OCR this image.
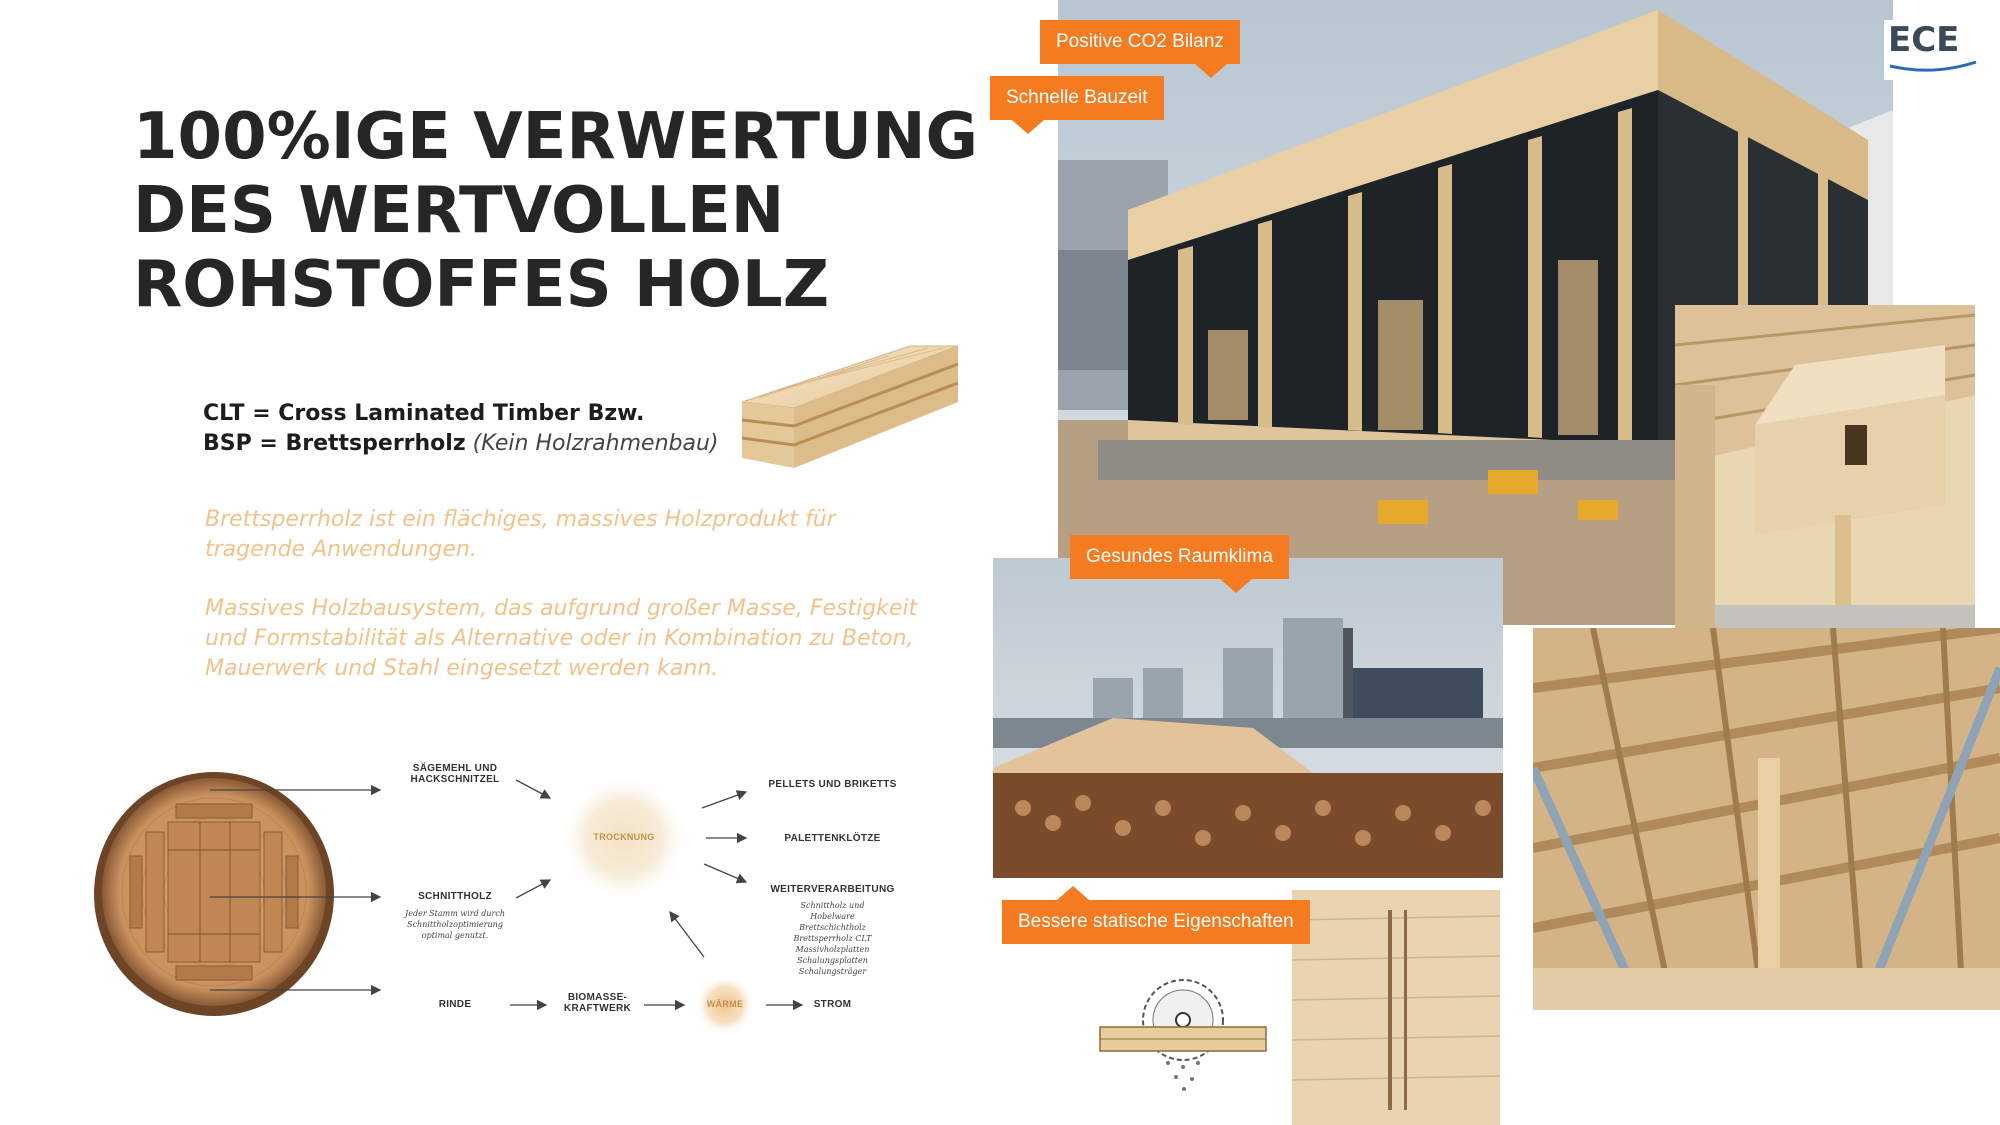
100%IGE VERWERTUNG
DES WERTVOLLEN
ROHSTOFFES HOLZ
CLT = Cross Laminated Timber Bzw.
BSP = Brettsperrholz (Kein Holzrahmenbau)
Brettsperrholz ist ein flächiges, massives Holzprodukt für tragende Anwendungen.
Massives Holzbausystem, das aufgrund großer Masse, Festigkeit und Formstabilität als Alternative oder in Kombination zu Beton, Mauerwerk und Stahl eingesetzt werden kann.
SÄGEMEHL UND HACKSCHNITZEL
SCHNITTHOLZ
Jeder Stamm wird durch Schnittholzoptimierung optimal genutzt.
RINDE
TROCKNUNG
BIOMASSE-KRAFTWERK	WÄRME
PELLETS UND BRIKETTS
PALETTENKLÖTZE
WEITERVERARBEITUNG
Schnittholz und Hobelware Brettschichtholz Brettsperrholz CLT Massivholzplatten Schalungsplatten Schalungsträger
STROM
Positive CO2 Bilanz
Schnelle Bauzeit
Gesundes Raumklima
Bessere statische Eigenschaften
ECE
